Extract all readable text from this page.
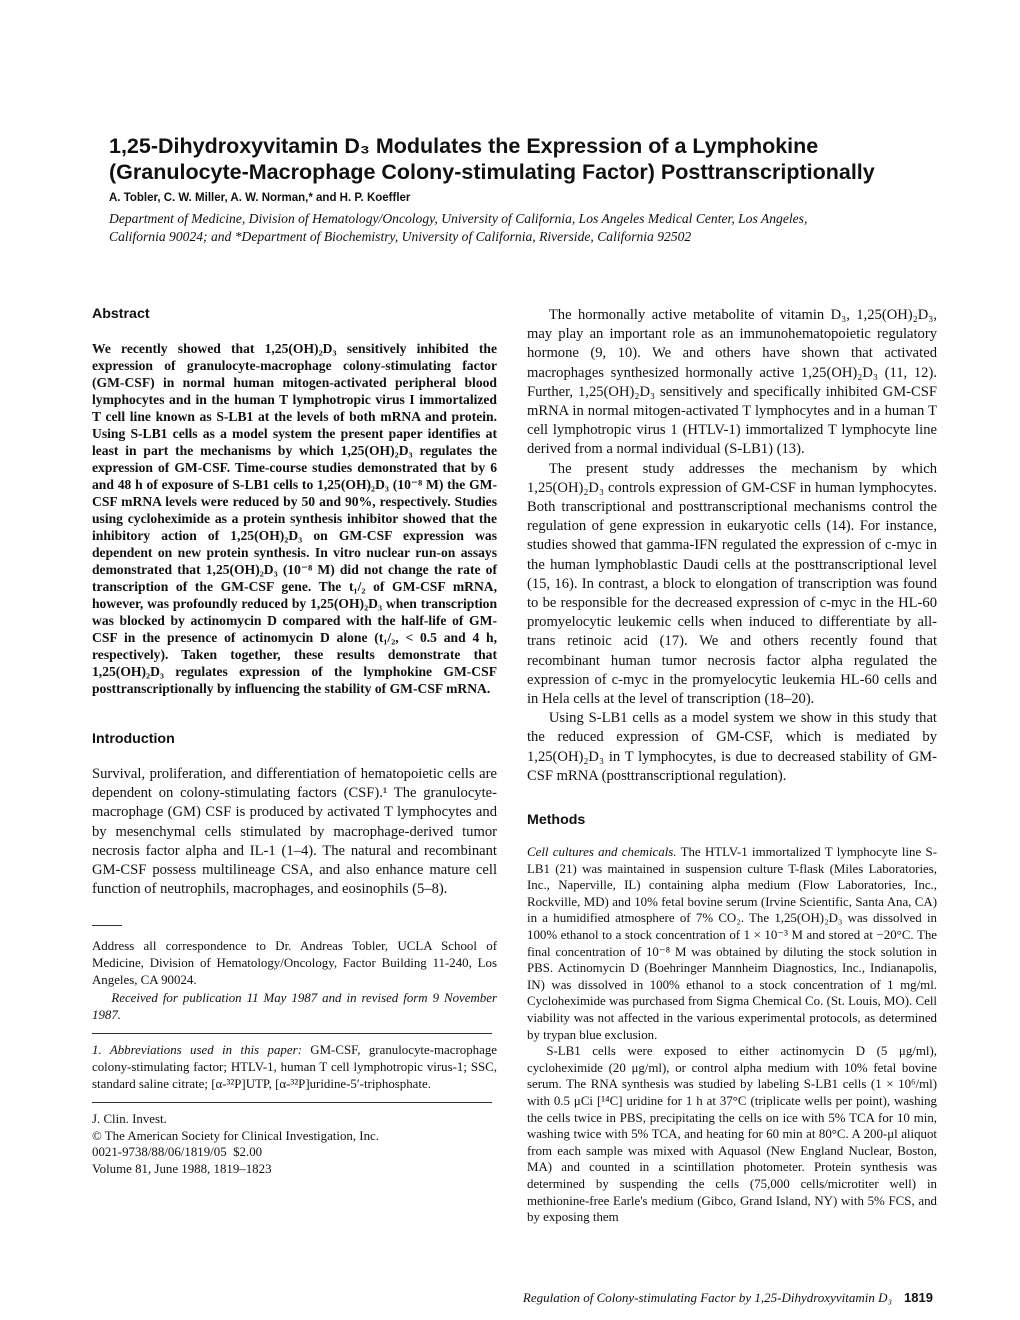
1,25-Dihydroxyvitamin D₃ Modulates the Expression of a Lymphokine
(Granulocyte-Macrophage Colony-stimulating Factor) Posttranscriptionally

A. Tobler, C. W. Miller, A. W. Norman,* and H. P. Koeffler

Department of Medicine, Division of Hematology/Oncology, University of California, Los Angeles Medical Center, Los Angeles,
California 90024; and *Department of Biochemistry, University of California, Riverside, California 92502

Abstract

We recently showed that 1,25(OH)₂D₃ sensitively inhibited the expression of granulocyte-macrophage colony-stimulating factor (GM-CSF) in normal human mitogen-activated peripheral blood lymphocytes and in the human T lymphotropic virus I immortalized T cell line known as S-LB1 at the levels of both mRNA and protein. Using S-LB1 cells as a model system the present paper identifies at least in part the mechanisms by which 1,25(OH)₂D₃ regulates the expression of GM-CSF. Time-course studies demonstrated that by 6 and 48 h of exposure of S-LB1 cells to 1,25(OH)₂D₃ (10⁻⁸ M) the GM-CSF mRNA levels were reduced by 50 and 90%, respectively. Studies using cycloheximide as a protein synthesis inhibitor showed that the inhibitory action of 1,25(OH)₂D₃ on GM-CSF expression was dependent on new protein synthesis. In vitro nuclear run-on assays demonstrated that 1,25(OH)₂D₃ (10⁻⁸ M) did not change the rate of transcription of the GM-CSF gene. The t₁/₂ of GM-CSF mRNA, however, was profoundly reduced by 1,25(OH)₂D₃ when transcription was blocked by actinomycin D compared with the half-life of GM-CSF in the presence of actinomycin D alone (t₁/₂, < 0.5 and 4 h, respectively). Taken together, these results demonstrate that 1,25(OH)₂D₃ regulates expression of the lymphokine GM-CSF posttranscriptionally by influencing the stability of GM-CSF mRNA.

Introduction

Survival, proliferation, and differentiation of hematopoietic cells are dependent on colony-stimulating factors (CSF).¹ The granulocyte-macrophage (GM) CSF is produced by activated T lymphocytes and by mesenchymal cells stimulated by macrophage-derived tumor necrosis factor alpha and IL-1 (1–4). The natural and recombinant GM-CSF possess multilineage CSA, and also enhance mature cell function of neutrophils, macrophages, and eosinophils (5–8).

Address all correspondence to Dr. Andreas Tobler, UCLA School of Medicine, Division of Hematology/Oncology, Factor Building 11-240, Los Angeles, CA 90024.

Received for publication 11 May 1987 and in revised form 9 November 1987.

1. Abbreviations used in this paper: GM-CSF, granulocyte-macrophage colony-stimulating factor; HTLV-1, human T cell lymphotropic virus-1; SSC, standard saline citrate; [α-³²P]UTP, [α-³²P]uridine-5′-triphosphate.

J. Clin. Invest.
© The American Society for Clinical Investigation, Inc.
0021-9738/88/06/1819/05  $2.00
Volume 81, June 1988, 1819–1823

The hormonally active metabolite of vitamin D₃, 1,25(OH)₂D₃, may play an important role as an immunohematopoietic regulatory hormone (9, 10). We and others have shown that activated macrophages synthesized hormonally active 1,25(OH)₂D₃ (11, 12). Further, 1,25(OH)₂D₃ sensitively and specifically inhibited GM-CSF mRNA in normal mitogen-activated T lymphocytes and in a human T cell lymphotropic virus 1 (HTLV-1) immortalized T lymphocyte line derived from a normal individual (S-LB1) (13).

The present study addresses the mechanism by which 1,25(OH)₂D₃ controls expression of GM-CSF in human lymphocytes. Both transcriptional and posttranscriptional mechanisms control the regulation of gene expression in eukaryotic cells (14). For instance, studies showed that gamma-IFN regulated the expression of c-myc in the human lymphoblastic Daudi cells at the posttranscriptional level (15, 16). In contrast, a block to elongation of transcription was found to be responsible for the decreased expression of c-myc in the HL-60 promyelocytic leukemic cells when induced to differentiate by all-trans retinoic acid (17). We and others recently found that recombinant human tumor necrosis factor alpha regulated the expression of c-myc in the promyelocytic leukemia HL-60 cells and in Hela cells at the level of transcription (18–20).

Using S-LB1 cells as a model system we show in this study that the reduced expression of GM-CSF, which is mediated by 1,25(OH)₂D₃ in T lymphocytes, is due to decreased stability of GM-CSF mRNA (posttranscriptional regulation).

Methods

Cell cultures and chemicals. The HTLV-1 immortalized T lymphocyte line S-LB1 (21) was maintained in suspension culture T-flask (Miles Laboratories, Inc., Naperville, IL) containing alpha medium (Flow Laboratories, Inc., Rockville, MD) and 10% fetal bovine serum (Irvine Scientific, Santa Ana, CA) in a humidified atmosphere of 7% CO₂. The 1,25(OH)₂D₃ was dissolved in 100% ethanol to a stock concentration of 1 × 10⁻³ M and stored at −20°C. The final concentration of 10⁻⁸ M was obtained by diluting the stock solution in PBS. Actinomycin D (Boehringer Mannheim Diagnostics, Inc., Indianapolis, IN) was dissolved in 100% ethanol to a stock concentration of 1 mg/ml. Cycloheximide was purchased from Sigma Chemical Co. (St. Louis, MO). Cell viability was not affected in the various experimental protocols, as determined by trypan blue exclusion.

S-LB1 cells were exposed to either actinomycin D (5 μg/ml), cycloheximide (20 μg/ml), or control alpha medium with 10% fetal bovine serum. The RNA synthesis was studied by labeling S-LB1 cells (1 × 10⁶/ml) with 0.5 μCi [¹⁴C] uridine for 1 h at 37°C (triplicate wells per point), washing the cells twice in PBS, precipitating the cells on ice with 5% TCA for 10 min, washing twice with 5% TCA, and heating for 60 min at 80°C. A 200-μl aliquot from each sample was mixed with Aquasol (New England Nuclear, Boston, MA) and counted in a scintillation photometer. Protein synthesis was determined by suspending the cells (75,000 cells/microtiter well) in methionine-free Earle's medium (Gibco, Grand Island, NY) with 5% FCS, and by exposing them

Regulation of Colony-stimulating Factor by 1,25-Dihydroxyvitamin D₃ 1819
